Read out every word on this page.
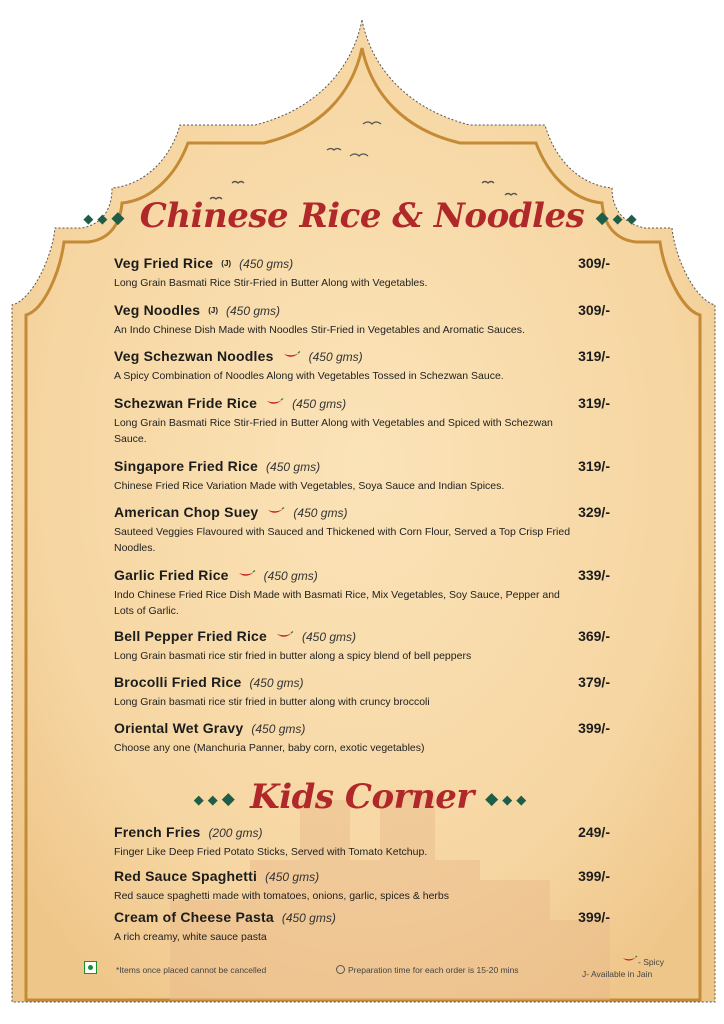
◆◆◆ Chinese Rice & Noodles ◆◆◆
Veg Fried Rice (J) (450 gms)	309/-
Long Grain Basmati Rice Stir-Fried in Butter Along with Vegetables.
Veg Noodles (J) (450 gms)	309/-
An Indo Chinese Dish Made with Noodles Stir-Fried in Vegetables and Aromatic Sauces.
Veg Schezwan Noodles	(450 gms)	319/-
A Spicy Combination of Noodles Along with Vegetables Tossed in Schezwan Sauce.
Schezwan Fride Rice	(450 gms)	319/-
Long Grain Basmati Rice Stir-Fried in Butter Along with Vegetables and Spiced with Schezwan Sauce.
Singapore Fried Rice (450 gms)	319/-
Chinese Fried Rice Variation Made with Vegetables, Soya Sauce and Indian Spices.
American Chop Suey	(450 gms)	329/-
Sauteed Veggies Flavoured with Sauced and Thickened with Corn Flour, Served a Top Crisp Fried Noodles.
Garlic Fried Rice	(450 gms)	339/-
Indo Chinese Fried Rice Dish Made with Basmati Rice, Mix Vegetables, Soy Sauce, Pepper and Lots of Garlic.
Bell Pepper Fried Rice	(450 gms)	369/-
Long Grain basmati rice stir fried in butter along a spicy blend of bell peppers
Brocolli Fried Rice (450 gms)	379/-
Long Grain basmati rice stir fried in butter along with cruncy broccoli
Oriental Wet Gravy (450 gms)	399/-
Choose any one (Manchuria Panner, baby corn, exotic vegetables)
◆◆◆ Kids Corner ◆◆◆
French Fries (200 gms)	249/-
Finger Like Deep Fried Potato Sticks, Served with Tomato Ketchup.
Red Sauce Spaghetti (450 gms)	399/-
Red sauce spaghetti made with tomatoes, onions, garlic, spices & herbs
Cream of Cheese Pasta (450 gms)	399/-
A rich creamy, white sauce pasta
*Items once placed cannot be cancelled	Preparation time for each order is 15-20 mins
- Spicy
J- Available in Jain
